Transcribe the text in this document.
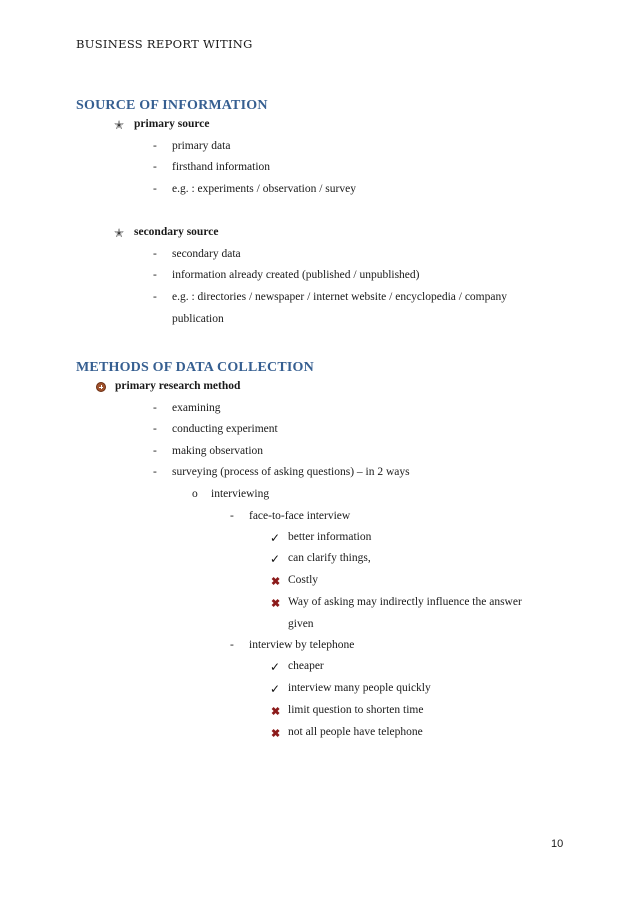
BUSINESS REPORT WITING
SOURCE OF INFORMATION
✭ primary source
- primary data
- firsthand information
- e.g. : experiments / observation / survey
✭ secondary source
- secondary data
- information already created (published / unpublished)
- e.g. : directories / newspaper / internet website / encyclopedia / company
publication
METHODS OF DATA COLLECTION
primary research method
- examining
- conducting experiment
- making observation
- surveying (process of asking questions) – in 2 ways
o interviewing
- face-to-face interview
✓ better information
✓ can clarify things,
✖ Costly
✖ Way of asking may indirectly influence the answer
given
- interview by telephone
✓ cheaper
✓ interview many people quickly
✖ limit question to shorten time
✖ not all people have telephone
10
